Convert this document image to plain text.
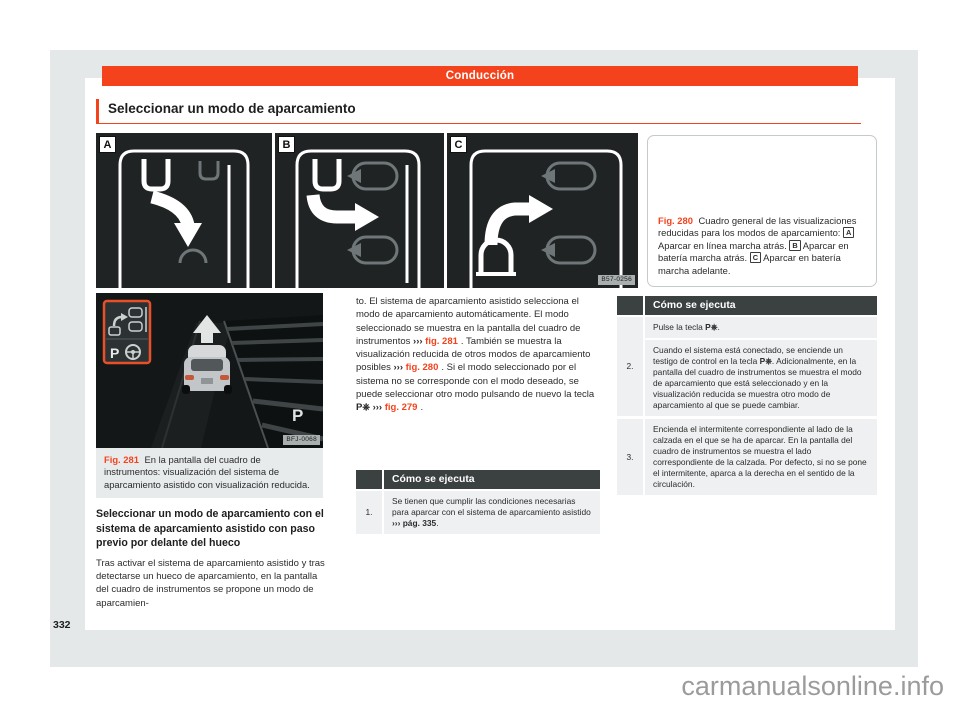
Conducción
Seleccionar un modo de aparcamiento
A	B	C
B57-0256

Fig. 280 Cuadro general de las visualizaciones reducidas para los modos de aparcamiento: A Aparcar en línea marcha atrás. B Aparcar en batería marcha atrás. C Aparcar en batería marcha adelante.

P
P
BFJ-0068

Fig. 281 En la pantalla del cuadro de instrumentos: visualización del sistema de aparcamiento asistido con visualización reducida.

Seleccionar un modo de aparcamiento con el sistema de aparcamiento asistido con paso previo por delante del hueco

Tras activar el sistema de aparcamiento asistido y tras detectarse un hueco de aparcamiento, en la pantalla del cuadro de instrumentos se propone un modo de aparcamien-

to. El sistema de aparcamiento asistido selecciona el modo de aparcamiento automáticamente. El modo seleccionado se muestra en la pantalla del cuadro de instrumentos ››› fig. 281 . También se muestra la visualización reducida de otros modos de aparcamiento posibles ››› fig. 280 . Si el modo seleccionado por el sistema no se corresponde con el modo deseado, se puede seleccionar otro modo pulsando de nuevo la tecla P⎈ ››› fig. 279 .

Cómo se ejecuta
1.
Se tienen que cumplir las condiciones necesarias para aparcar con el sistema de aparcamiento asistido ››› pág. 335.
Cómo se ejecuta
2.
Pulse la tecla P⎈.
Cuando el sistema está conectado, se enciende un testigo de control en la tecla P⎈. Adicionalmente, en la pantalla del cuadro de instrumentos se muestra el modo de aparcamiento que está seleccionado y en la visualización reducida se muestra otro modo de aparcamiento al que se puede cambiar.
3.
Encienda el intermitente correspondiente al lado de la calzada en el que se ha de aparcar. En la pantalla del cuadro de instrumentos se muestra el lado correspondiente de la calzada. Por defecto, si no se pone el intermitente, aparca a la derecha en el sentido de la circulación.
332
carmanualsonline.info
